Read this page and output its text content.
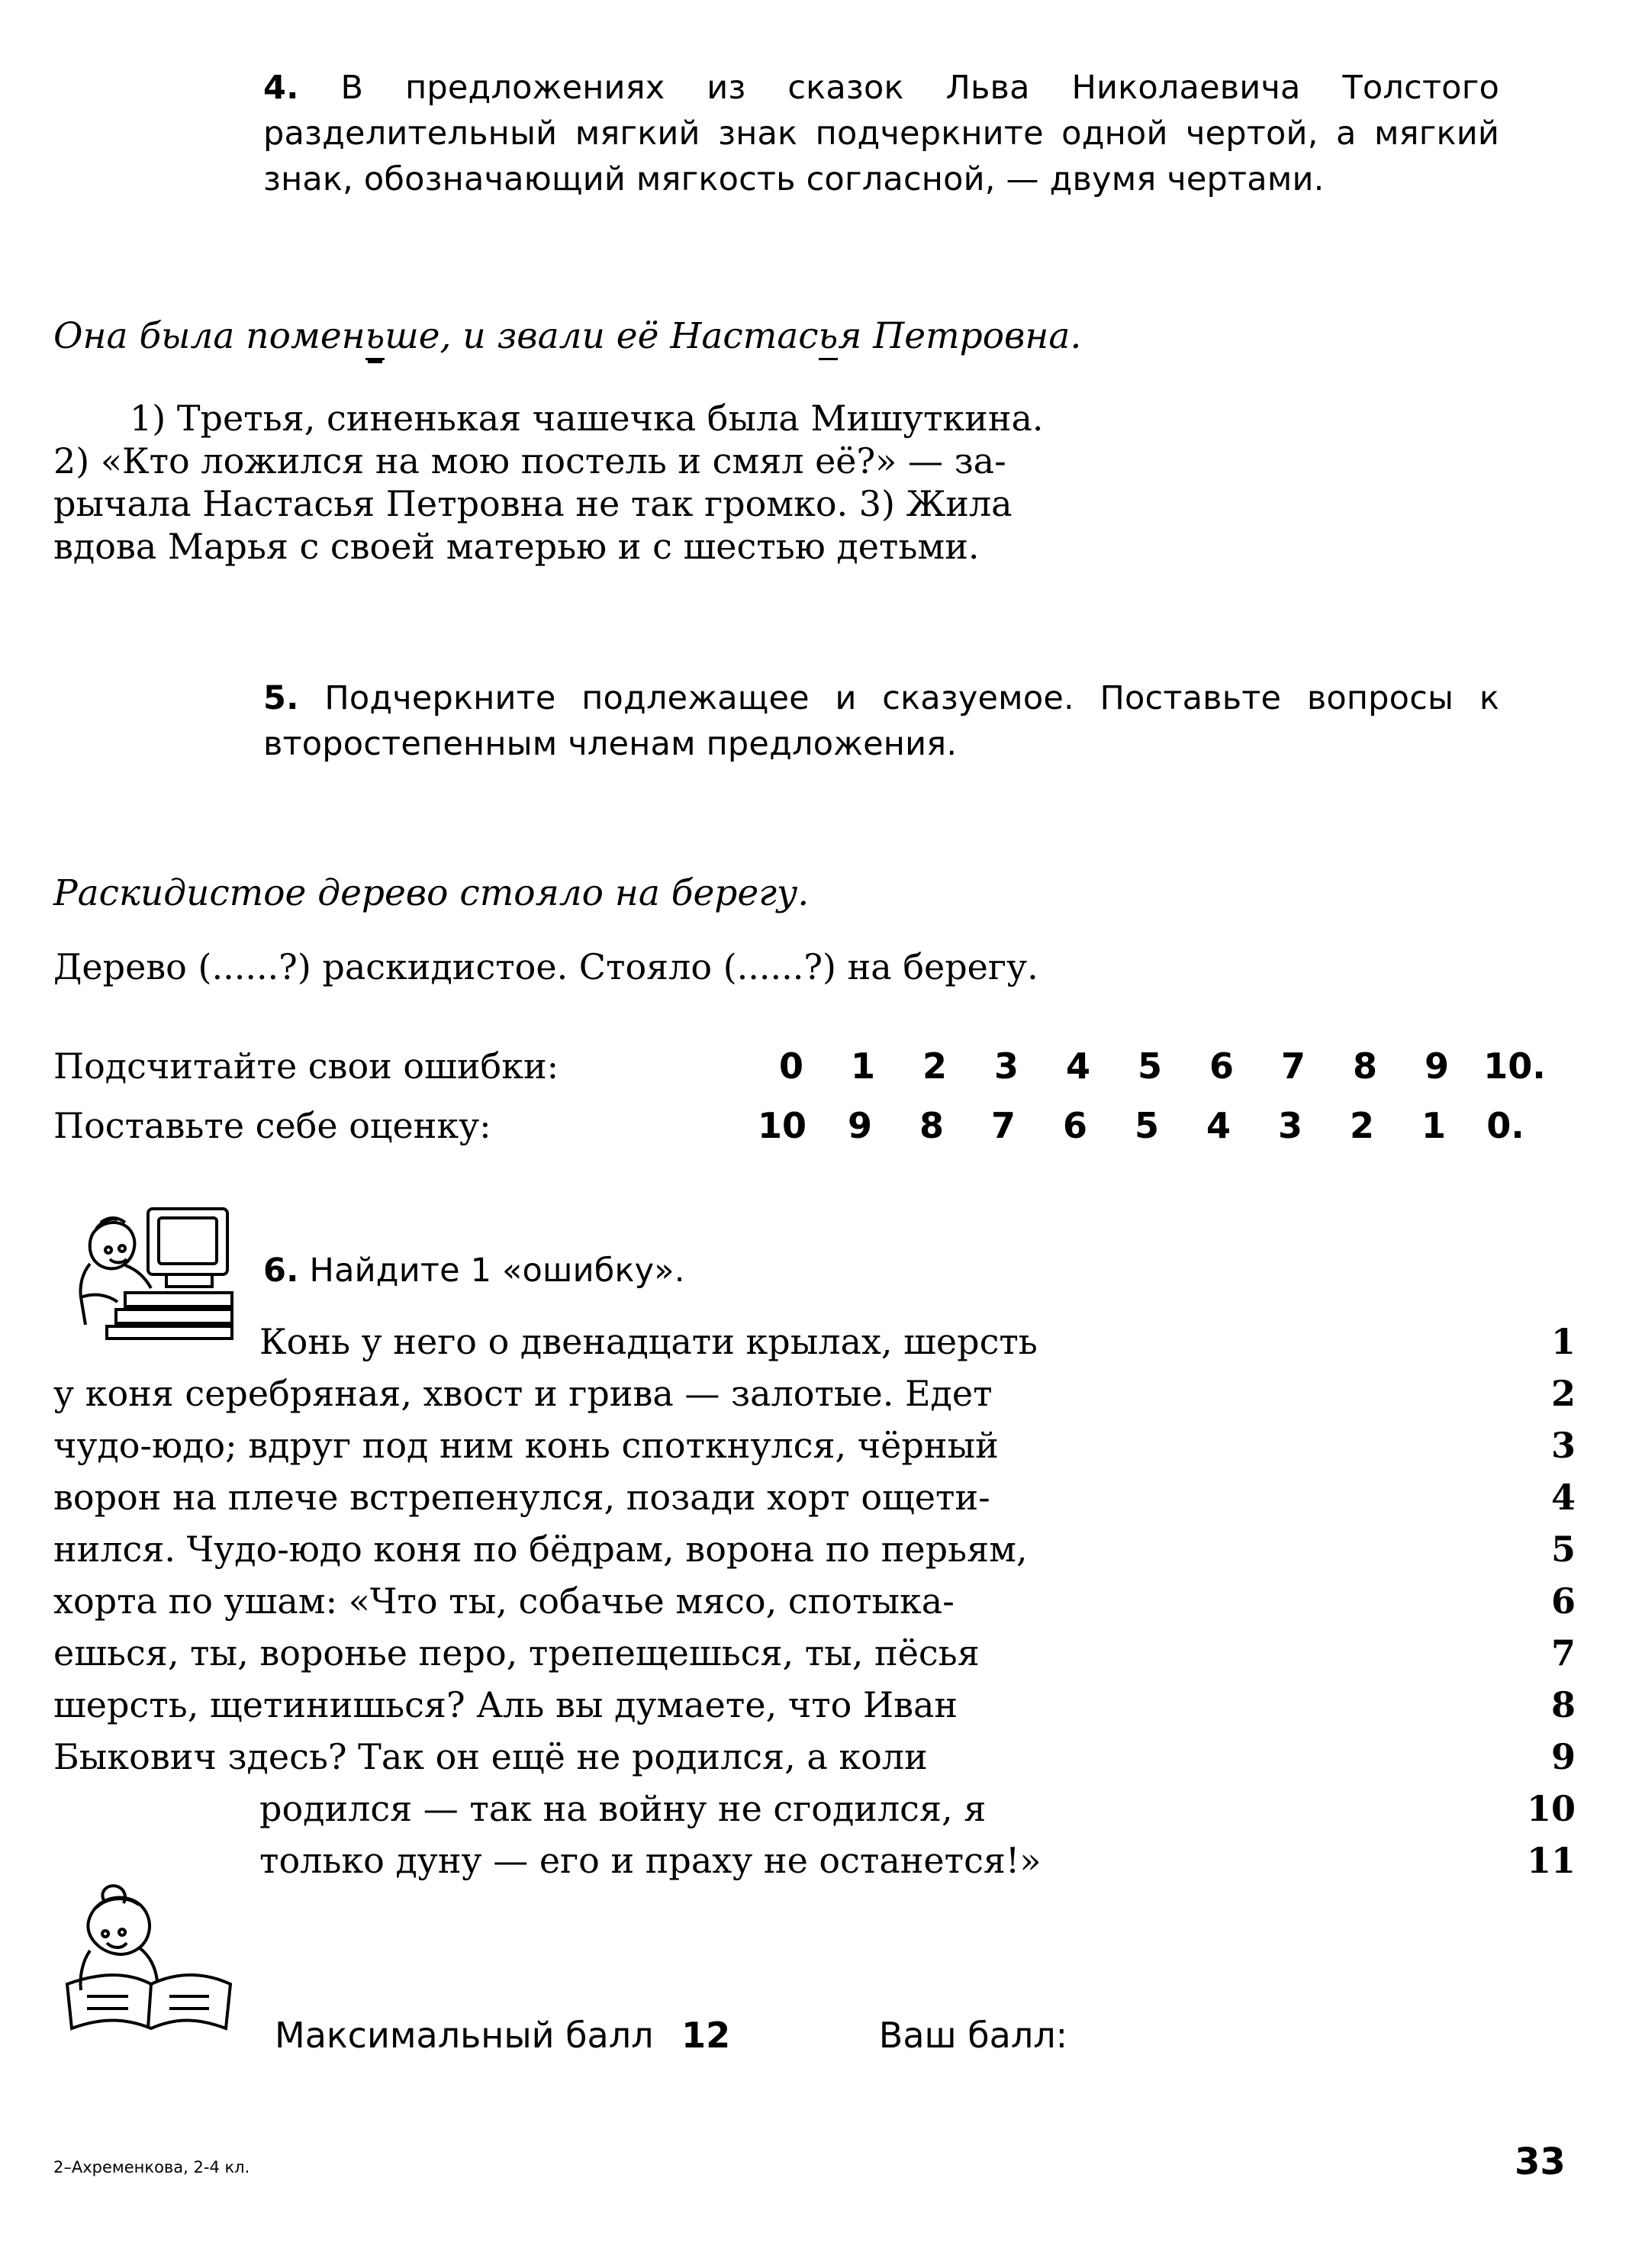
4. В предложениях из сказок Льва Николаевича Толстого разделительный мягкий знак подчеркните одной чертой, а мягкий знак, обозначающий мягкость согласной, — двумя чертами.
Она была поменьше, и звали её Настасья Петровна.
1) Третья, синенькая чашечка была Мишуткина.
2) «Кто ложился на мою постель и смял её?» — за-
рычала Настасья Петровна не так громко. 3) Жила
вдова Марья с своей матерью и с шестью детьми.
5. Подчеркните подлежащее и сказуемое. Поставьте вопросы к второстепенным членам предложения.
Раскидистое дерево стояло на берегу.
Дерево (......?) раскидистое. Стояло (......?) на берегу.
Подсчитайте свои ошибки:	0 1 2 3 4 5 6 7 8 9 10.
Поставьте себе оценку:	10 9 8 7 6 5 4 3 2 1 0.
6. Найдите 1 «ошибку».
Конь у него о двенадцати крылах, шерсть	1
у коня серебряная, хвост и грива — залотые. Едет	2
чудо-юдо; вдруг под ним конь споткнулся, чёрный	3
ворон на плече встрепенулся, позади хорт ощети-	4
нился. Чудо-юдо коня по бёдрам, ворона по перьям,	5
хорта по ушам: «Что ты, собачье мясо, спотыка-	6
ешься, ты, воронье перо, трепещешься, ты, пёсья	7
шерсть, щетинишься? Аль вы думаете, что Иван	8
Быкович здесь? Так он ещё не родился, а коли	9
родился — так на войну не сгодился, я	10
только дуну — его и праху не останется!»	11
Максимальный балл 12	Ваш балл:
2–Ахременкова, 2-4 кл.	33
